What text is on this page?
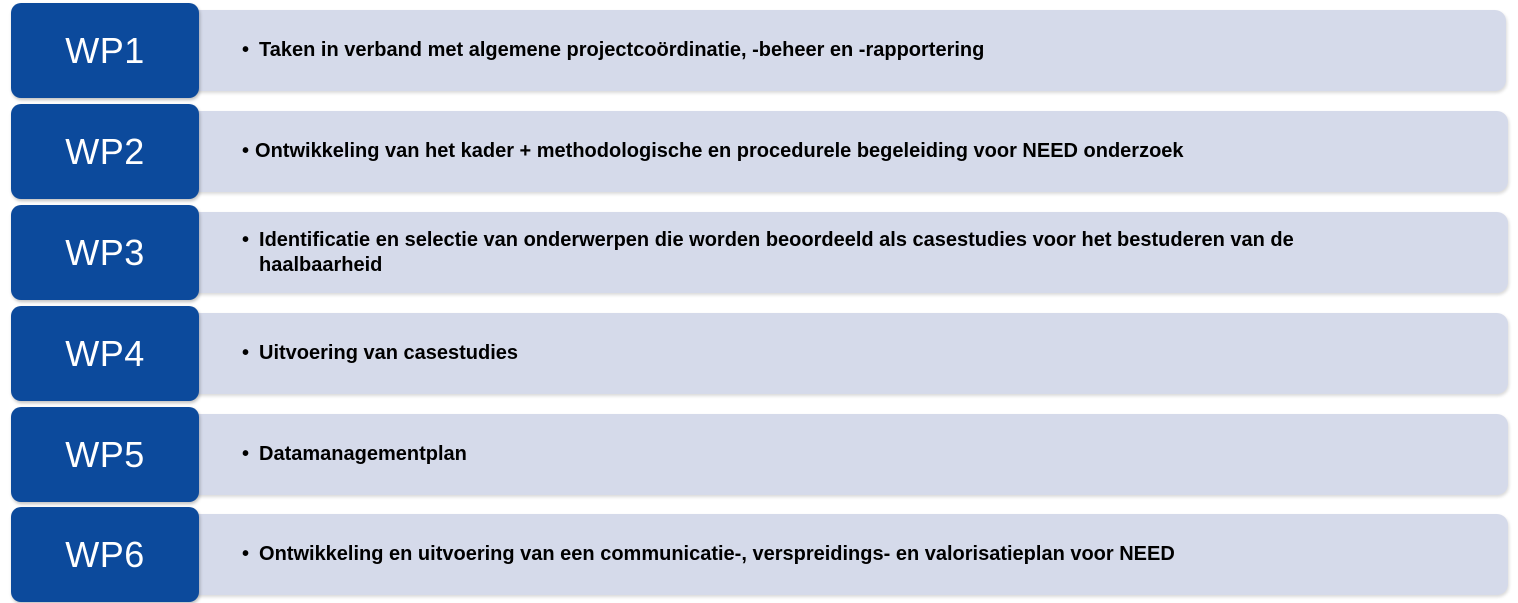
• Taken in verband met algemene projectcoördinatie, -beheer en -rapportering
WP1
• Ontwikkeling van het kader + methodologische en procedurele begeleiding voor NEED onderzoek
WP2
• Identificatie en selectie van onderwerpen die worden beoordeeld als casestudies voor het bestuderen van de haalbaarheid
WP3
• Uitvoering van casestudies
WP4
• Datamanagementplan
WP5
• Ontwikkeling en uitvoering van een communicatie-, verspreidings- en valorisatieplan voor NEED
WP6
